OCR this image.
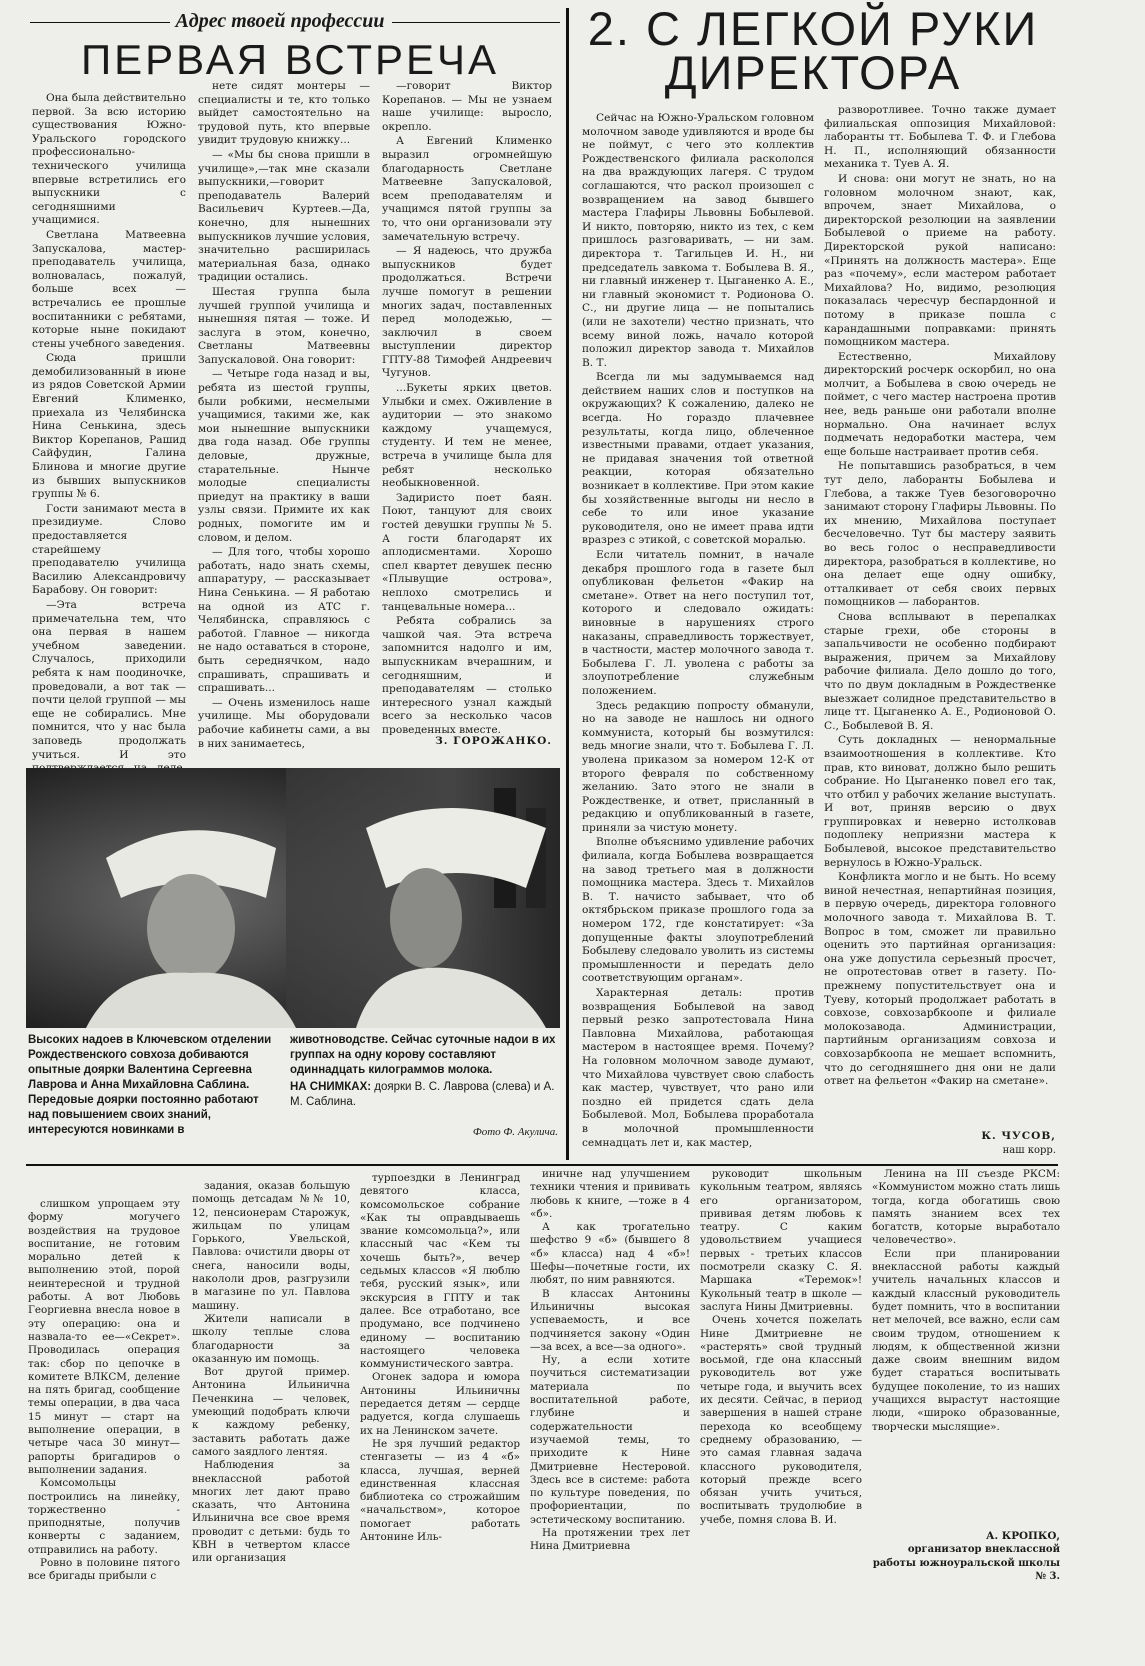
Адрес твоей профессии
ПЕРВАЯ ВСТРЕЧА

Она была действительно первой. За всю историю существования Южно-Уральского городского профессионально-технического училища впервые встретились его выпускники с сегодняшними учащимися.

Светлана Матвеевна Запускалова, мастер-преподаватель училища, волновалась, пожалуй, больше всех — встречались ее прошлые воспитанники с ребятами, которые ныне покидают стены учебного заведения.

Сюда пришли демобилизованный в июне из рядов Советской Армии Евгений Клименко, приехала из Челябинска Нина Сенькина, здесь Виктор Корепанов, Рашид Сайфудин, Галина Блинова и многие другие из бывших выпускников группы № 6.

Гости занимают места в президиуме. Слово предоставляется старейшему преподавателю училища Василию Александровичу Барабову. Он говорит:

—Эта встреча примечательна тем, что она первая в нашем учебном заведении. Случалось, приходили ребята к нам поодиночке, проведовали, а вот так — почти целой группой — мы еще не собирались. Мне помнится, что у нас была заповедь продолжать учиться. И это

нете сидят монтеры — специалисты и те, кто только выйдет самостоятельно на трудовой путь, кто впервые увидит трудовую книжку...

— «Мы бы снова пришли в училище»,—так мне сказали выпускники,—говорит преподаватель Валерий Васильевич Куртеев.—Да, конечно, для нынешних выпускников лучшие условия, значительно расширилась материальная база, однако традиции остались.

Шестая группа была лучшей группой училища и нынешняя пятая — тоже. И заслуга в этом, конечно, Светланы Матвеевны Запускаловой. Она говорит:

— Четыре года назад и вы, ребята из шестой группы, были робкими, несмелыми учащимися, такими же, как мои нынешние выпускники два года назад. Обе группы деловые, дружные, старательные. Нынче молодые специалисты приедут на практику в ваши узлы связи. Примите их как родных, помогите им и словом, и делом.

— Для того, чтобы хорошо работать, надо знать схемы, аппаратуру, — рассказывает Нина Сенькина. — Я работаю на одной из АТС г. Челябинска, справляюсь с работой. Главное — никогда не надо оставаться в стороне, быть середнячком, надо спрашивать, спрашивать и спрашивать...

— Очень изменилось наше училище. Мы оборудовали рабочие кабинеты сами, а вы в них занимаетесь,

—говорит Виктор Корепанов. — Мы не узнаем наше училище: выросло, окрепло.

А Евгений Клименко выразил огромнейшую благодарность Светлане Матвеевне Запускаловой, всем преподавателям и учащимся пятой группы за то, что они организовали эту замечательную встречу.

— Я надеюсь, что дружба выпускников будет продолжаться. Встречи лучше помогут в решении многих задач, поставленных перед молодежью, — заключил в своем выступлении директор ГПТУ-88 Тимофей Андреевич Чугунов.

...Букеты ярких цветов. Улыбки и смех. Оживление в аудитории — это знакомо каждому учащемуся, студенту. И тем не менее, встреча в училище была для ребят несколько необыкновенной.

Задиристо поет баян. Поют, танцуют для своих гостей девушки группы № 5. А гости благодарят их аплодисментами. Хорошо спел квартет девушек песню «Плывущие острова», неплохо смотрелись и танцевальные номера...

Ребята собрались за чашкой чая. Эта встреча запомнится надолго и им, выпускникам вчерашним, и сегодняшним, и преподавателям — столько интересного узнал каждый всего за несколько часов проведенных вместе.

З. ГОРОЖАНКО.

Высоких надоев в Ключевском отделении Рождественского совхоза добиваются опытные доярки Валентина Сергеевна Лаврова и Анна Михайловна Саблина. Передовые доярки постоянно работают над повышением своих знаний, интересуются новинками в

животноводстве. Сейчас суточные надои в их группах на одну корову составляют одиннадцать килограммов молока.

НА СНИМКАХ: доярки В. С. Лаврова (слева) и А. М. Саблина.

Фото Ф. Акулича.
2. С ЛЕГКОЙ РУКИ
ДИРЕКТОРА

Сейчас на Южно-Уральском головном молочном заводе удивляются и вроде бы не поймут, с чего это коллектив Рождественского филиала раскололся на два враждующих лагеря. С трудом соглашаются, что раскол произошел с возвращением на завод бывшего мастера Глафиры Львовны Бобылевой. И никто, повторяю, никто из тех, с кем пришлось разговаривать, — ни зам. директора т. Тагильцев И. Н., ни председатель завкома т. Бобылева В. Я., ни главный инженер т. Цыганенко А. Е., ни главный экономист т. Родионова О. С., ни другие лица — не попытались (или не захотели) честно признать, что всему виной ложь, начало которой положил директор завода т. Михайлов В. Т.

Всегда ли мы задумываемся над действием наших слов и поступков на окружающих? К сожалению, далеко не всегда. Но гораздо плачевнее результаты, когда лицо, облеченное известными правами, отдает указания, не придавая значения той ответной реакции, которая обязательно возникает в коллективе. При этом какие бы хозяйственные выгоды ни несло в себе то или иное указание руководителя, оно не имеет права идти вразрез с этикой, с советской моралью.

Если читатель помнит, в начале декабря прошлого года в газете был опубликован фельетон «Факир на сметане». Ответ на него поступил тот, которого и следовало ожидать: виновные в нарушениях строго наказаны, справедливость торжествует, в частности, мастер молочного завода т. Бобылева Г. Л. уволена с работы за злоупотребление служебным положением.

Здесь редакцию попросту обманули, но на заводе не нашлось ни одного коммуниста, который бы возмутился: ведь многие знали, что т. Бобылева Г. Л. уволена приказом за номером 12-К от второго февраля по собственному желанию. Зато этого не знали в Рождественке, и ответ, присланный в редакцию и опубликованный в газете, приняли за чистую монету.

Вполне объяснимо удивление рабочих филиала, когда Бобылева возвращается на завод третьего мая в должности помощника мастера. Здесь т. Михайлов В. Т. начисто забывает, что об октябрьском приказе прошлого года за номером 172, где констатирует: «За допущенные факты злоупотреблений Бобылеву следовало уволить из системы промышленности и передать дело соответствующим органам».

Характерная деталь: против возвращения Бобылевой на завод первый резко запротестовала Нина Павловна Михайлова, работающая мастером в настоящее время. Почему? На головном молочном заводе думают, что Михайлова чувствует свою слабость как мастер, чувствует, что рано или поздно ей придется сдать дела Бобылевой. Мол, Бобылева проработала в молочной промышленности семнадцать лет и, как мастер,

разворотливее. Точно также думает филиальская оппозиция Михайловой: лаборанты тт. Бобылева Т. Ф. и Глебова Н. П., исполняющий обязанности механика т. Туев А. Я.

И снова: они могут не знать, но на головном молочном знают, как, впрочем, знает Михайлова, о директорской резолюции на заявлении Бобылевой о приеме на работу. Директорской рукой написано: «Принять на должность мастера». Еще раз «почему», если мастером работает Михайлова? Но, видимо, резолюция показалась чересчур беспардонной и потому в приказе пошла с карандашными поправками: принять помощником мастера.

Естественно, Михайлову директорский росчерк оскорбил, но она молчит, а Бобылева в свою очередь не поймет, с чего мастер настроена против нее, ведь раньше они работали вполне нормально. Она начинает вслух подмечать недоработки мастера, чем еще больше настраивает против себя.

Не попытавшись разобраться, в чем тут дело, лаборанты Бобылева и Глебова, а также Туев безоговорочно занимают сторону Глафиры Львовны. По их мнению, Михайлова поступает бесчеловечно. Тут бы мастеру заявить во весь голос о несправедливости директора, разобраться в коллективе, но она делает еще одну ошибку, отталкивает от себя своих первых помощников — лаборантов.

Снова всплывают в перепалках старые грехи, обе стороны в запальчивости не особенно подбирают выражения, причем за Михайлову рабочие филиала. Дело дошло до того, что по двум докладным в Рождественке выезжает солидное представительство в лице тт. Цыганенко А. Е., Родионовой О. С., Бобылевой В. Я.

Суть докладных — ненормальные взаимоотношения в коллективе. Кто прав, кто виноват, должно было решить собрание. Но Цыганенко повел его так, что отбил у рабочих желание выступать. И вот, приняв версию о двух группировках и неверно истолковав подоплеку неприязни мастера к Бобылевой, высокое представительство вернулось в Южно-Уральск.

Конфликта могло и не быть. Но всему виной нечестная, непартийная позиция, в первую очередь, директора головного молочного завода т. Михайлова В. Т. Вопрос в том, сможет ли правильно оценить это партийная организация: она уже допустила серьезный просчет, не опротестовав ответ в газету. По-прежнему попустительствует она и Туеву, который продолжает работать в совхозе, совхозарбкоопе и филиале молокозавода. Администрации, партийным организациям совхоза и совхозарбкоопа не мешает вспомнить, что до сегодняшнего дня они не дали ответ на фельетон «Факир на сметане».

К. ЧУСОВ,

наш корр.

слишком упрощаем эту форму могучего воздействия на трудовое воспитание, не готовим морально детей к выполнению этой, порой неинтересной и трудной работы. А вот Любовь Георгиевна внесла новое в эту операцию: она и назвала-то ее—«Секрет». Проводилась операция так: сбор по цепочке в комитете ВЛКСМ, деление на пять бригад, сообщение темы операции, в два часа 15 минут — старт на выполнение операции, в четыре часа 30 минут—рапорты бригадиров о выполнении задания.

Комсомольцы построились на линейку, торжественно - приподнятые, получив конверты с заданием, отправились на работу.

Ровно в половине пятого все бригады прибыли с

задания, оказав большую помощь детсадам №№ 10, 12, пенсионерам Старожук, жильцам по улицам Горького, Увельской, Павлова: очистили дворы от снега, наносили воды, накололи дров, разгрузили в магазине по ул. Павлова машину.

Жители написали в школу теплые слова благодарности за оказанную им помощь.

Вот другой пример. Антонина Ильинична Печенкина — человек, умеющий подобрать ключи к каждому ребенку, заставить работать даже самого заядлого лентяя.

Наблюдения за внеклассной работой многих лет дают право сказать, что Антонина Ильинична все свое время проводит с детьми: будь то КВН в четвертом классе или организация

турпоездки в Ленинград девятого класса, комсомольское собрание «Как ты оправдываешь звание комсомольца?», или классный час «Кем ты хочешь быть?», вечер седьмых классов «Я люблю тебя, русский язык», или экскурсия в ГПТУ и так далее. Все отработано, все продумано, все подчинено единому — воспитанию настоящего человека коммунистического завтра.

Огонек задора и юмора Антонины Ильиничны передается детям — сердце радуется, когда слушаешь их на Ленинском зачете.

Не зря лучший редактор стенгазеты — из 4 «б» класса, лучшая, верней единственная классная библиотека со строжайшим «начальством», которое помогает работать Антонине Иль-

иничне над улучшением техники чтения и прививать любовь к книге, —тоже в 4 «б».

А как трогательно шефство 9 «б» (бывшего 8 «б» класса) над 4 «б»! Шефы—почетные гости, их любят, по ним равняются.

В классах Антонины Ильиничны высокая успеваемость, и все подчиняется закону «Один—за всех, а все—за одного».

Ну, а если хотите поучиться систематизации материала по воспитательной работе, глубине и содержательности изучаемой темы, то приходите к Нине Дмитриевне Нестеровой. Здесь все в системе: работа по культуре поведения, по профориентации, по эстетическому воспитанию.

На протяжении трех лет Нина Дмитриевна

руководит школьным кукольным театром, являясь его организатором, прививая детям любовь к театру. С каким удовольствием учащиеся первых - третьих классов посмотрели сказку С. Я. Маршака «Теремок»! Кукольный театр в школе — заслуга Нины Дмитриевны.

Очень хочется пожелать Нине Дмитриевне не «растерять» свой трудный восьмой, где она классный руководитель вот уже четыре года, и выучить всех их десяти. Сейчас, в период завершения в нашей стране перехода ко всеобщему среднему образованию, — это самая главная задача классного руководителя, который прежде всего обязан учить учиться, воспитывать трудолюбие в учебе, помня слова В. И.

Ленина на III съезде РКСМ: «Коммунистом можно стать лишь тогда, когда обогатишь свою память знанием всех тех богатств, которые выработало человечество».

Если при планировании внеклассной работы каждый учитель начальных классов и каждый классный руководитель будет помнить, что в воспитании нет мелочей, все важно, если сам своим трудом, отношением к людям, к общественной жизни даже своим внешним видом будет стараться воспитывать будущее поколение, то из наших учащихся вырастут настоящие люди, «широко образованные, творчески мыслящие».

А. КРОПКО,

организатор внеклассной работы южноуральской школы № 3.
